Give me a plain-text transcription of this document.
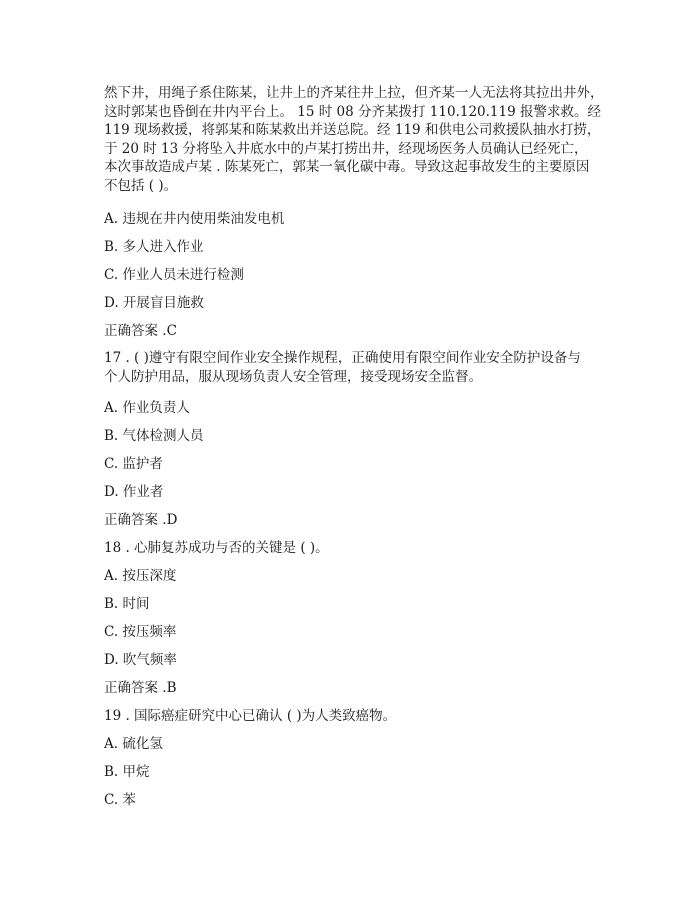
然下井，用绳子系住陈某，让井上的齐某往井上拉，但齐某一人无法将其拉出井外，
这时郭某也昏倒在井内平台上。 15 时 08 分齐某拨打 110.120.119 报警求救。经
119 现场救援，将郭某和陈某救出并送总院。经 119 和供电公司救援队抽水打捞，
于 20 时 13 分将坠入井底水中的卢某打捞出井，经现场医务人员确认已经死亡，
本次事故造成卢某 . 陈某死亡，郭某一氧化碳中毒。导致这起事故发生的主要原因
不包括 ( )。

A. 违规在井内使用柴油发电机

B. 多人进入作业

C. 作业人员未进行检测

D. 开展盲目施救

正确答案 .C

17 . ( )遵守有限空间作业安全操作规程，正确使用有限空间作业安全防护设备与
个人防护用品，服从现场负责人安全管理，接受现场安全监督。

A. 作业负责人

B. 气体检测人员

C. 监护者

D. 作业者

正确答案 .D

18 . 心肺复苏成功与否的关键是 ( )。

A. 按压深度

B. 时间

C. 按压频率

D. 吹气频率

正确答案 .B

19 . 国际癌症研究中心已确认 ( )为人类致癌物。

A. 硫化氢

B. 甲烷

C. 苯
